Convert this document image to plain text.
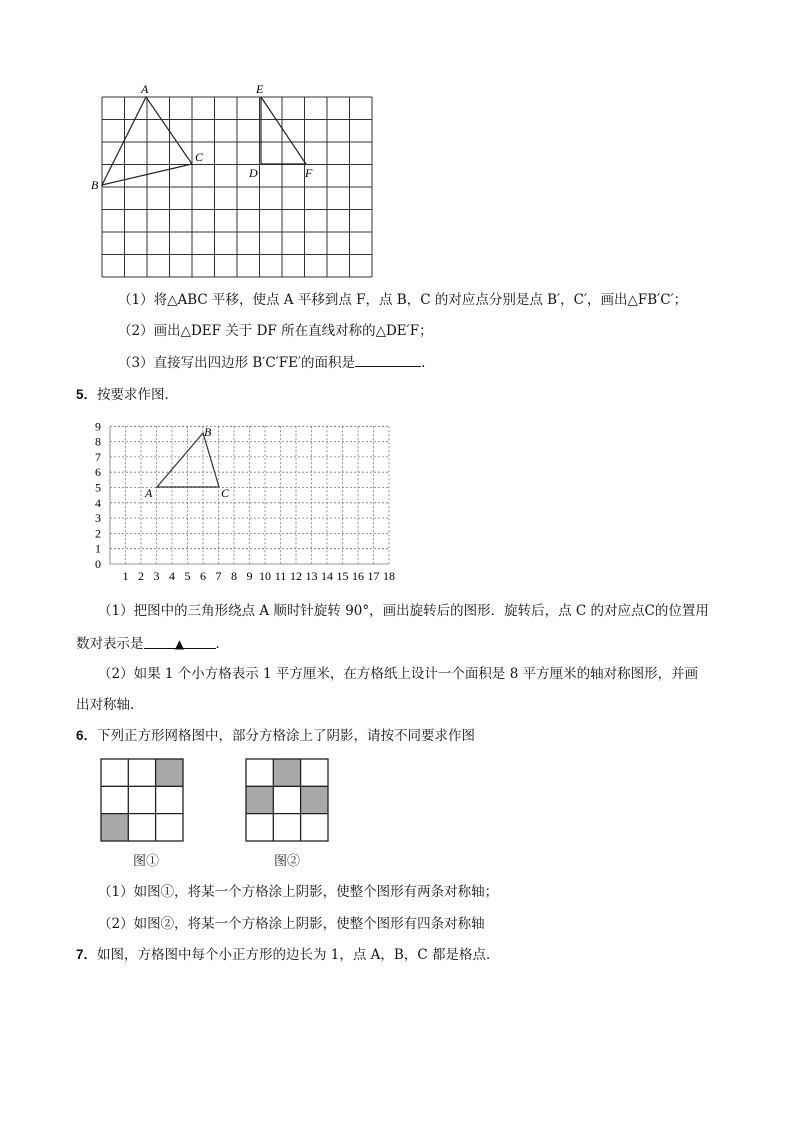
A
B
C
E
D	F
（1）将△ABC 平移，使点 A 平移到点 F，点 B，C 的对应点分别是点 B′，C′，画出△FB′C′；
（2）画出△DEF 关于 DF 所在直线对称的△DE′F；
（3）直接写出四边形 B′C′FE′的面积是	.
5．按要求作图．
0
1
2
3
4
5
6
7
8
9
1 2 3 4 5 6 7 8 9 10 11 12 13 14 15 16 17 18
A
B
C
（1）把图中的三角形绕点 A 顺时针旋转 90°，画出旋转后的图形．旋转后，点 C 的对应点C的位置用
数对表示是	▲ ．
（2）如果 1 个小方格表示 1 平方厘米，在方格纸上设计一个面积是 8 平方厘米的轴对称图形，并画
出对称轴．
6．下列正方形网格图中，部分方格涂上了阴影，请按不同要求作图
图①	图②
（1）如图①，将某一个方格涂上阴影，使整个图形有两条对称轴；
（2）如图②，将某一个方格涂上阴影，使整个图形有四条对称轴
7．如图，方格图中每个小正方形的边长为 1，点 A，B，C 都是格点．
